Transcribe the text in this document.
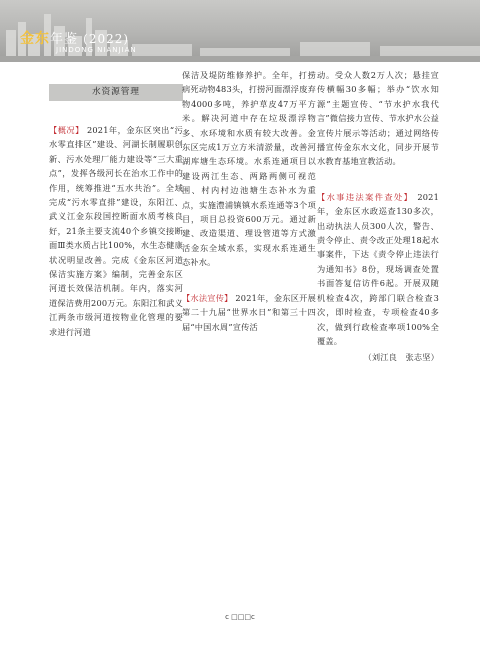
金东年鉴 (2022)
JINDONG NIANJIAN
水资源管理

【概况】 2021年，金东区突出“污水零直排区”建设、河湖长制履职创新、污水处理厂能力建设等“三大重点”，发挥各级河长在治水工作中的作用，统筹推进“五水共治”。全域完成“污水零直排”建设，东阳江、武义江金东段国控断面水质考核良好，21条主要支流40个乡镇交接断面Ⅲ类水质占比100%，水生态健康状况明显改善。完成《金东区河道保洁实施方案》编制，完善金东区河道长效保洁机制。年内，落实河道保洁费用200万元。东阳江和武义江两条市级河道按物业化管理的要求进行河道

保洁及堤防维修养护。全年，打捞病死动物483头，打捞河面漂浮废弃物4000多吨，养护草皮47万平方米。解决河道中存在垃圾漂浮物多、水环境和水质有较大改善。金东区完成1万立方米清淤量，改善河湖库塘生态环境。水系连通项目以建设两江生态、两路两侧可视范围、村内村边池塘生态补水为重点，实施澧浦镇镇水系连通等3个项目，项目总投资600万元。通过新建、改造渠道、理设管道等方式激活金东全域水系，实现水系连通生态补水。

【水法宣传】 2021年，金东区开展第二十九届“世界水日”和第三十四届“中国水周”宣传活

动。受众人数2万人次；悬挂宣传横幅30多幅；举办“饮水知源”主题宣传、“节水护水我代言”微信接力宣传、节水护水公益宣传片展示等活动；通过网络传播宣传金东水文化，同步开展节水教育基地宣教活动。

【水事违法案件查处】 2021年，金东区水政巡查130多次，出动执法人员300人次，警告、责令停止、责令改正处理18起水事案件，下达《责令停止违法行为通知书》8份，现场调查处置书面答复信访件6起。开展双随机检查4次，跨部门联合检查3次，即时检查，专项检查40多次，做到行政检查率项100%全覆盖。

（刘江良　张志坚）
c □□□c
